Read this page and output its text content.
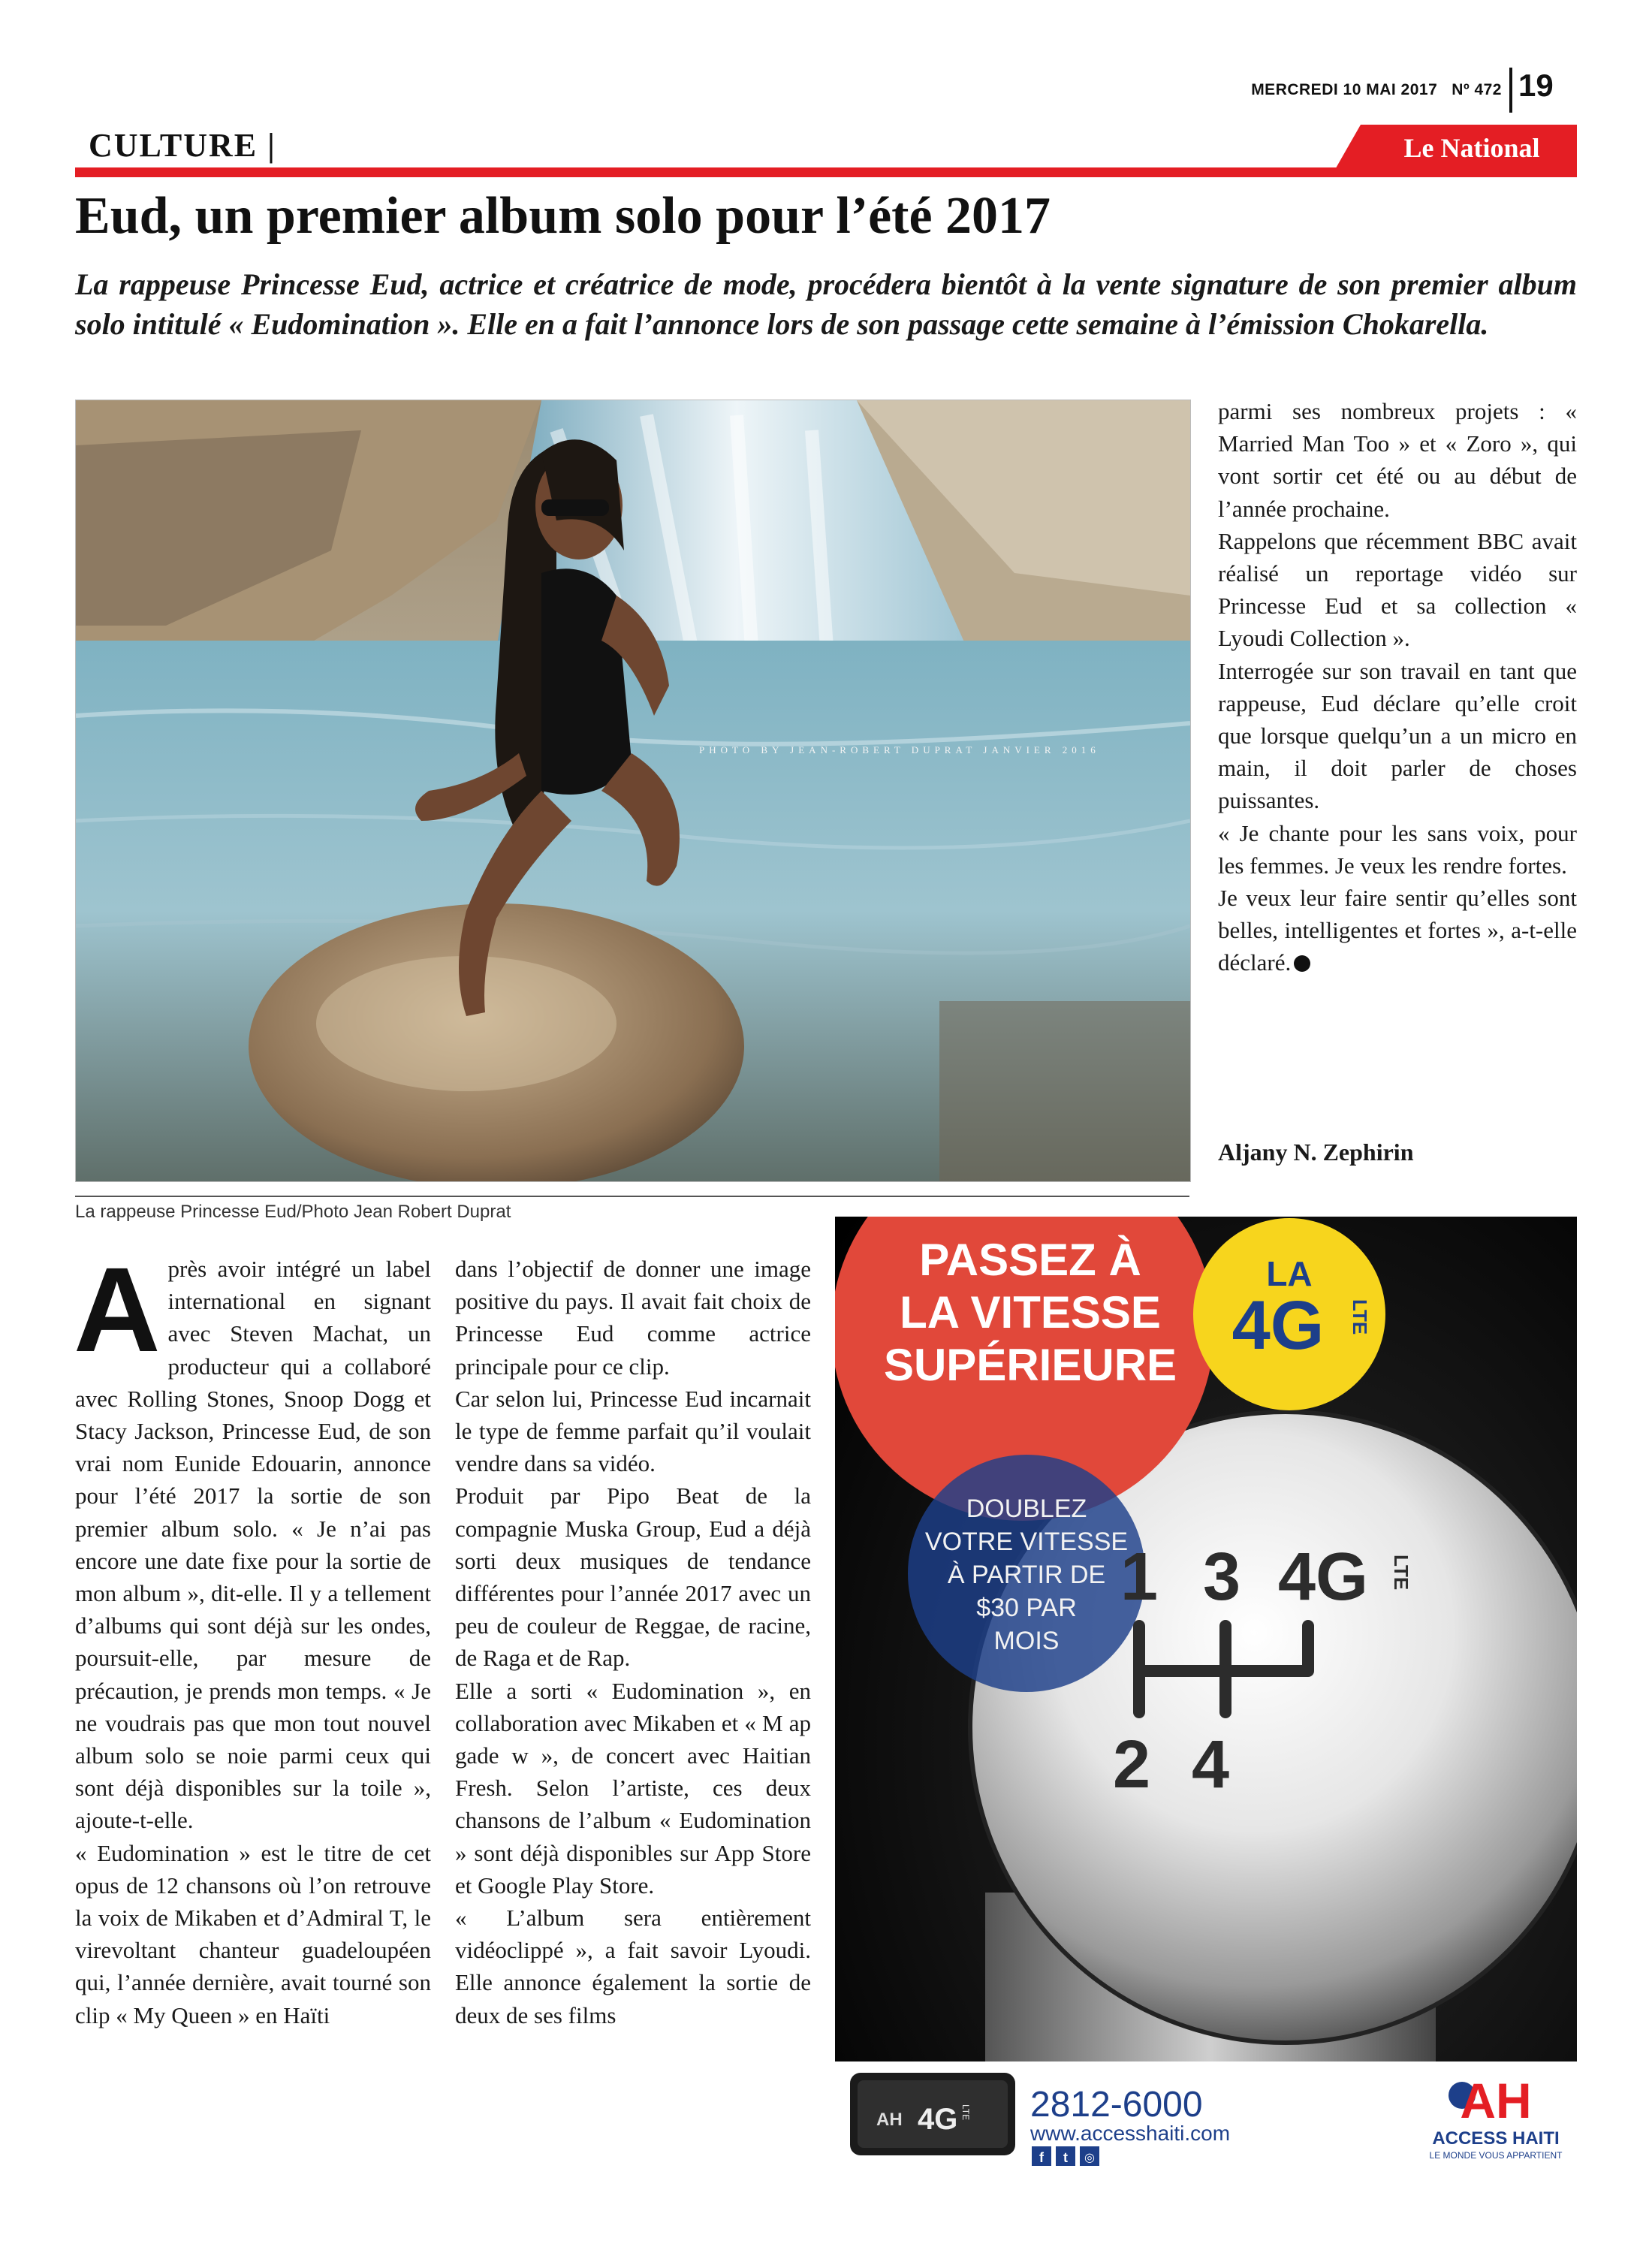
MERCREDI 10 MAI 2017 Nº 472 19
CULTURE |	Le National
Eud, un premier album solo pour l’été 2017
La rappeuse Princesse Eud, actrice et créatrice de mode, procédera bientôt à la vente signature de son premier album solo intitulé « Eudomination ». Elle en a fait l’annonce lors de son passage cette semaine à l’émission Chokarella.
PHOTO BY JEAN-ROBERT DUPRAT JANVIER 2016
La rappeuse Princesse Eud/Photo Jean Robert Duprat

parmi ses nombreux projets : « Married Man Too » et « Zoro », qui vont sortir cet été ou au début de l’année prochaine.

Rappelons que récemment BBC avait réalisé un reportage vidéo sur Princesse Eud et sa collection « Lyoudi Collection ».

Interrogée sur son travail en tant que rappeuse, Eud déclare qu’elle croit que lorsque quelqu’un a un micro en main, il doit parler de choses puissantes.

« Je chante pour les sans voix, pour les femmes. Je veux les rendre fortes.

Je veux leur faire sentir qu’elles sont belles, intelligentes et fortes », a-t-elle déclaré.

Aljany N. Zephirin

Après avoir intégré un label international en signant avec Steven Machat, un producteur qui a collaboré avec Rolling Stones, Snoop Dogg et Stacy Jackson, Princesse Eud, de son vrai nom Eunide Edouarin, annonce pour l’été 2017 la sortie de son premier album solo. « Je n’ai pas encore une date fixe pour la sortie de mon album », dit-elle. Il y a tellement d’albums qui sont déjà sur les ondes, poursuit-elle, par mesure de précaution, je prends mon temps. « Je ne voudrais pas que mon tout nouvel album solo se noie parmi ceux qui sont déjà disponibles sur la toile », ajoute-t-elle.

« Eudomination » est le titre de cet opus de 12 chansons où l’on retrouve la voix de Mikaben et d’Admiral T, le virevoltant chanteur guadeloupéen qui, l’année dernière, avait tourné son clip « My Queen » en Haïti

dans l’objectif de donner une image positive du pays. Il avait fait choix de Princesse Eud comme actrice principale pour ce clip.

Car selon lui, Princesse Eud incarnait le type de femme parfait qu’il voulait vendre dans sa vidéo.

Produit par Pipo Beat de la compagnie Muska Group, Eud a déjà sorti deux musiques de tendance différentes pour l’année 2017 avec un peu de couleur de Reggae, de racine, de Raga et de Rap.

Elle a sorti « Eudomination », en collaboration avec Mikaben et « M ap gade w », de concert avec Haitian Fresh. Selon l’artiste, ces deux chansons de l’album « Eudomination » sont déjà disponibles sur App Store et Google Play Store.

« L’album sera entièrement vidéoclippé », a fait savoir Lyoudi. Elle annonce également la sortie de deux de ses films

PASSEZ À
LA VITESSE
SUPÉRIEURE
LA
4G LTE
DOUBLEZ
VOTRE VITESSE
À PARTIR DE
$30 PAR
MOIS
1 3 4G LTE
2 4
AH 4G LTE 2812-6000
www.accesshaiti.com
f t ◎
AH
ACCESS HAITI
LE MONDE VOUS APPARTIENT
